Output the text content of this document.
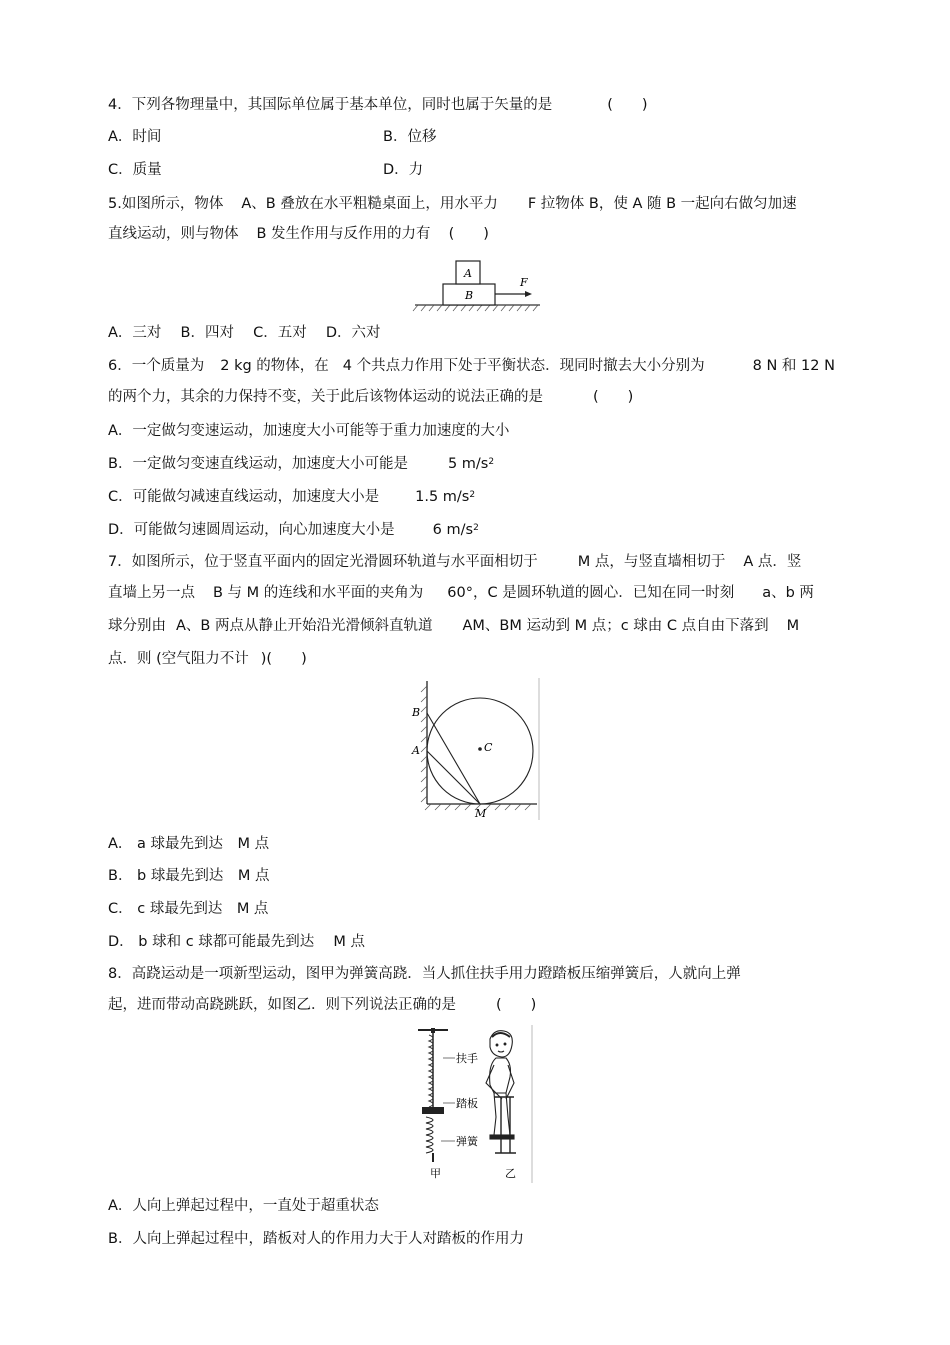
4．下列各物理量中，其国际单位属于基本单位，同时也属于矢量的是	(　　)
A．时间	B．位移
C．质量	D．力
5.如图所示，物体 A、B 叠放在水平粗糙桌面上，用水平力 F 拉物体 B，使 A 随 B 一起向右做匀加速
直线运动，则与物体 B 发生作用与反作用的力有 (　　)
A
B
F
A．三对　 B．四对　 C．五对　 D．六对
6．一个质量为 2 kg 的物体，在 4 个共点力作用下处于平衡状态．现同时撤去大小分别为	8 N 和 12 N
的两个力，其余的力保持不变，关于此后该物体运动的说法正确的是	(　　)
A．一定做匀变速运动，加速度大小可能等于重力加速度的大小
B．一定做匀变速直线运动，加速度大小可能是	5 $m/s^2$
C．可能做匀减速直线运动，加速度大小是 1.5 $m/s^2$
D．可能做匀速圆周运动，向心加速度大小是	6 $m/s^2$
7．如图所示，位于竖直平面内的固定光滑圆环轨道与水平面相切于	M 点，与竖直墙相切于 A 点．竖
直墙上另一点 B 与 M 的连线和水平面的夹角为 60°，C 是圆环轨道的圆心．已知在同一时刻 a、b 两
球分别由 A、B 两点从静止开始沿光滑倾斜直轨道 AM、BM 运动到 M 点；c 球由 C 点自由下落到 M
点．则 (空气阻力不计 )(　　)
B
A	C
M
A． a 球最先到达　M 点
B． b 球最先到达　M 点
C． c 球最先到达　M 点
D． b 球和 c 球都可能最先到达　 M 点
8．高跷运动是一项新型运动，图甲为弹簧高跷．当人抓住扶手用力蹬踏板压缩弹簧后，人就向上弹
起，进而带动高跷跳跃，如图乙．则下列说法正确的是	(　　)
扶手
踏板
弹簧
甲	乙
A．人向上弹起过程中，一直处于超重状态
B．人向上弹起过程中，踏板对人的作用力大于人对踏板的作用力
